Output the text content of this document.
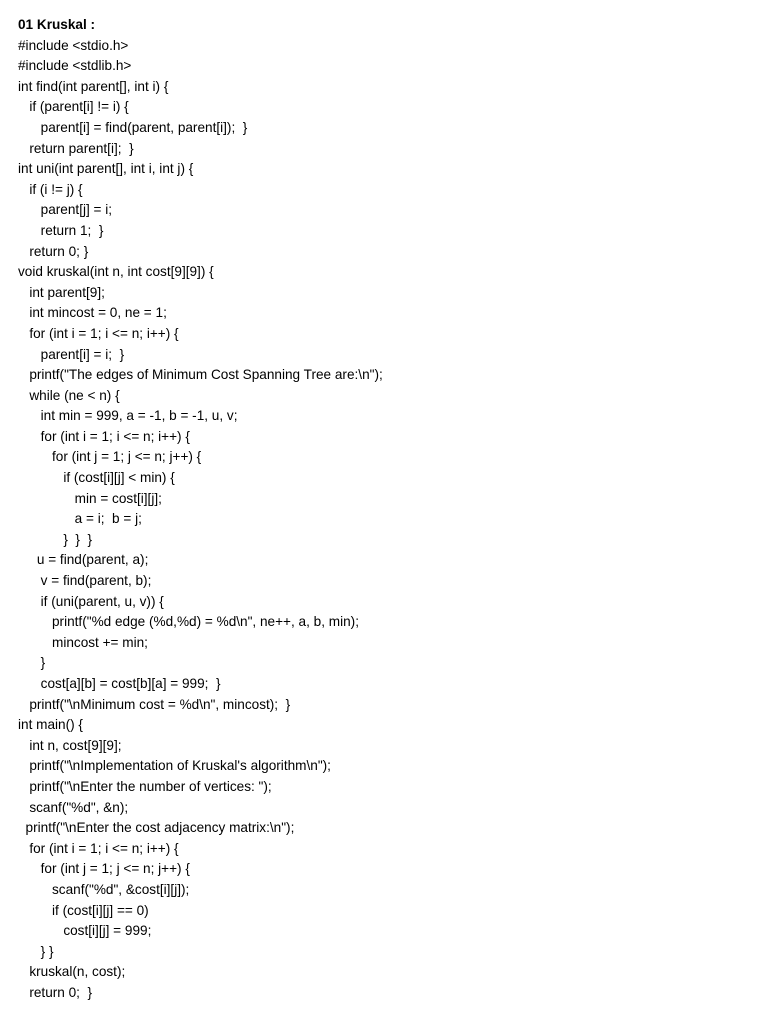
01 Kruskal :
#include <stdio.h>
#include <stdlib.h>
int find(int parent[], int i) {
if (parent[i] != i) {
parent[i] = find(parent, parent[i]);  }
return parent[i];  }
int uni(int parent[], int i, int j) {
if (i != j) {
parent[j] = i;
return 1;  }
return 0; }
void kruskal(int n, int cost[9][9]) {
int parent[9];
int mincost = 0, ne = 1;
for (int i = 1; i <= n; i++) {
parent[i] = i;  }
printf("The edges of Minimum Cost Spanning Tree are:\n");
while (ne < n) {
int min = 999, a = -1, b = -1, u, v;
for (int i = 1; i <= n; i++) {
for (int j = 1; j <= n; j++) {
if (cost[i][j] < min) {
min = cost[i][j];
a = i;  b = j;
}  }  }
u = find(parent, a);
v = find(parent, b);
if (uni(parent, u, v)) {
printf("%d edge (%d,%d) = %d\n", ne++, a, b, min);
mincost += min;
}
cost[a][b] = cost[b][a] = 999;  }
printf("\nMinimum cost = %d\n", mincost);  }
int main() {
int n, cost[9][9];
printf("\nImplementation of Kruskal's algorithm\n");
printf("\nEnter the number of vertices: ");
scanf("%d", &n);
printf("\nEnter the cost adjacency matrix:\n");
for (int i = 1; i <= n; i++) {
for (int j = 1; j <= n; j++) {
scanf("%d", &cost[i][j]);
if (cost[i][j] == 0)
cost[i][j] = 999;
} }
kruskal(n, cost);
return 0;  }
